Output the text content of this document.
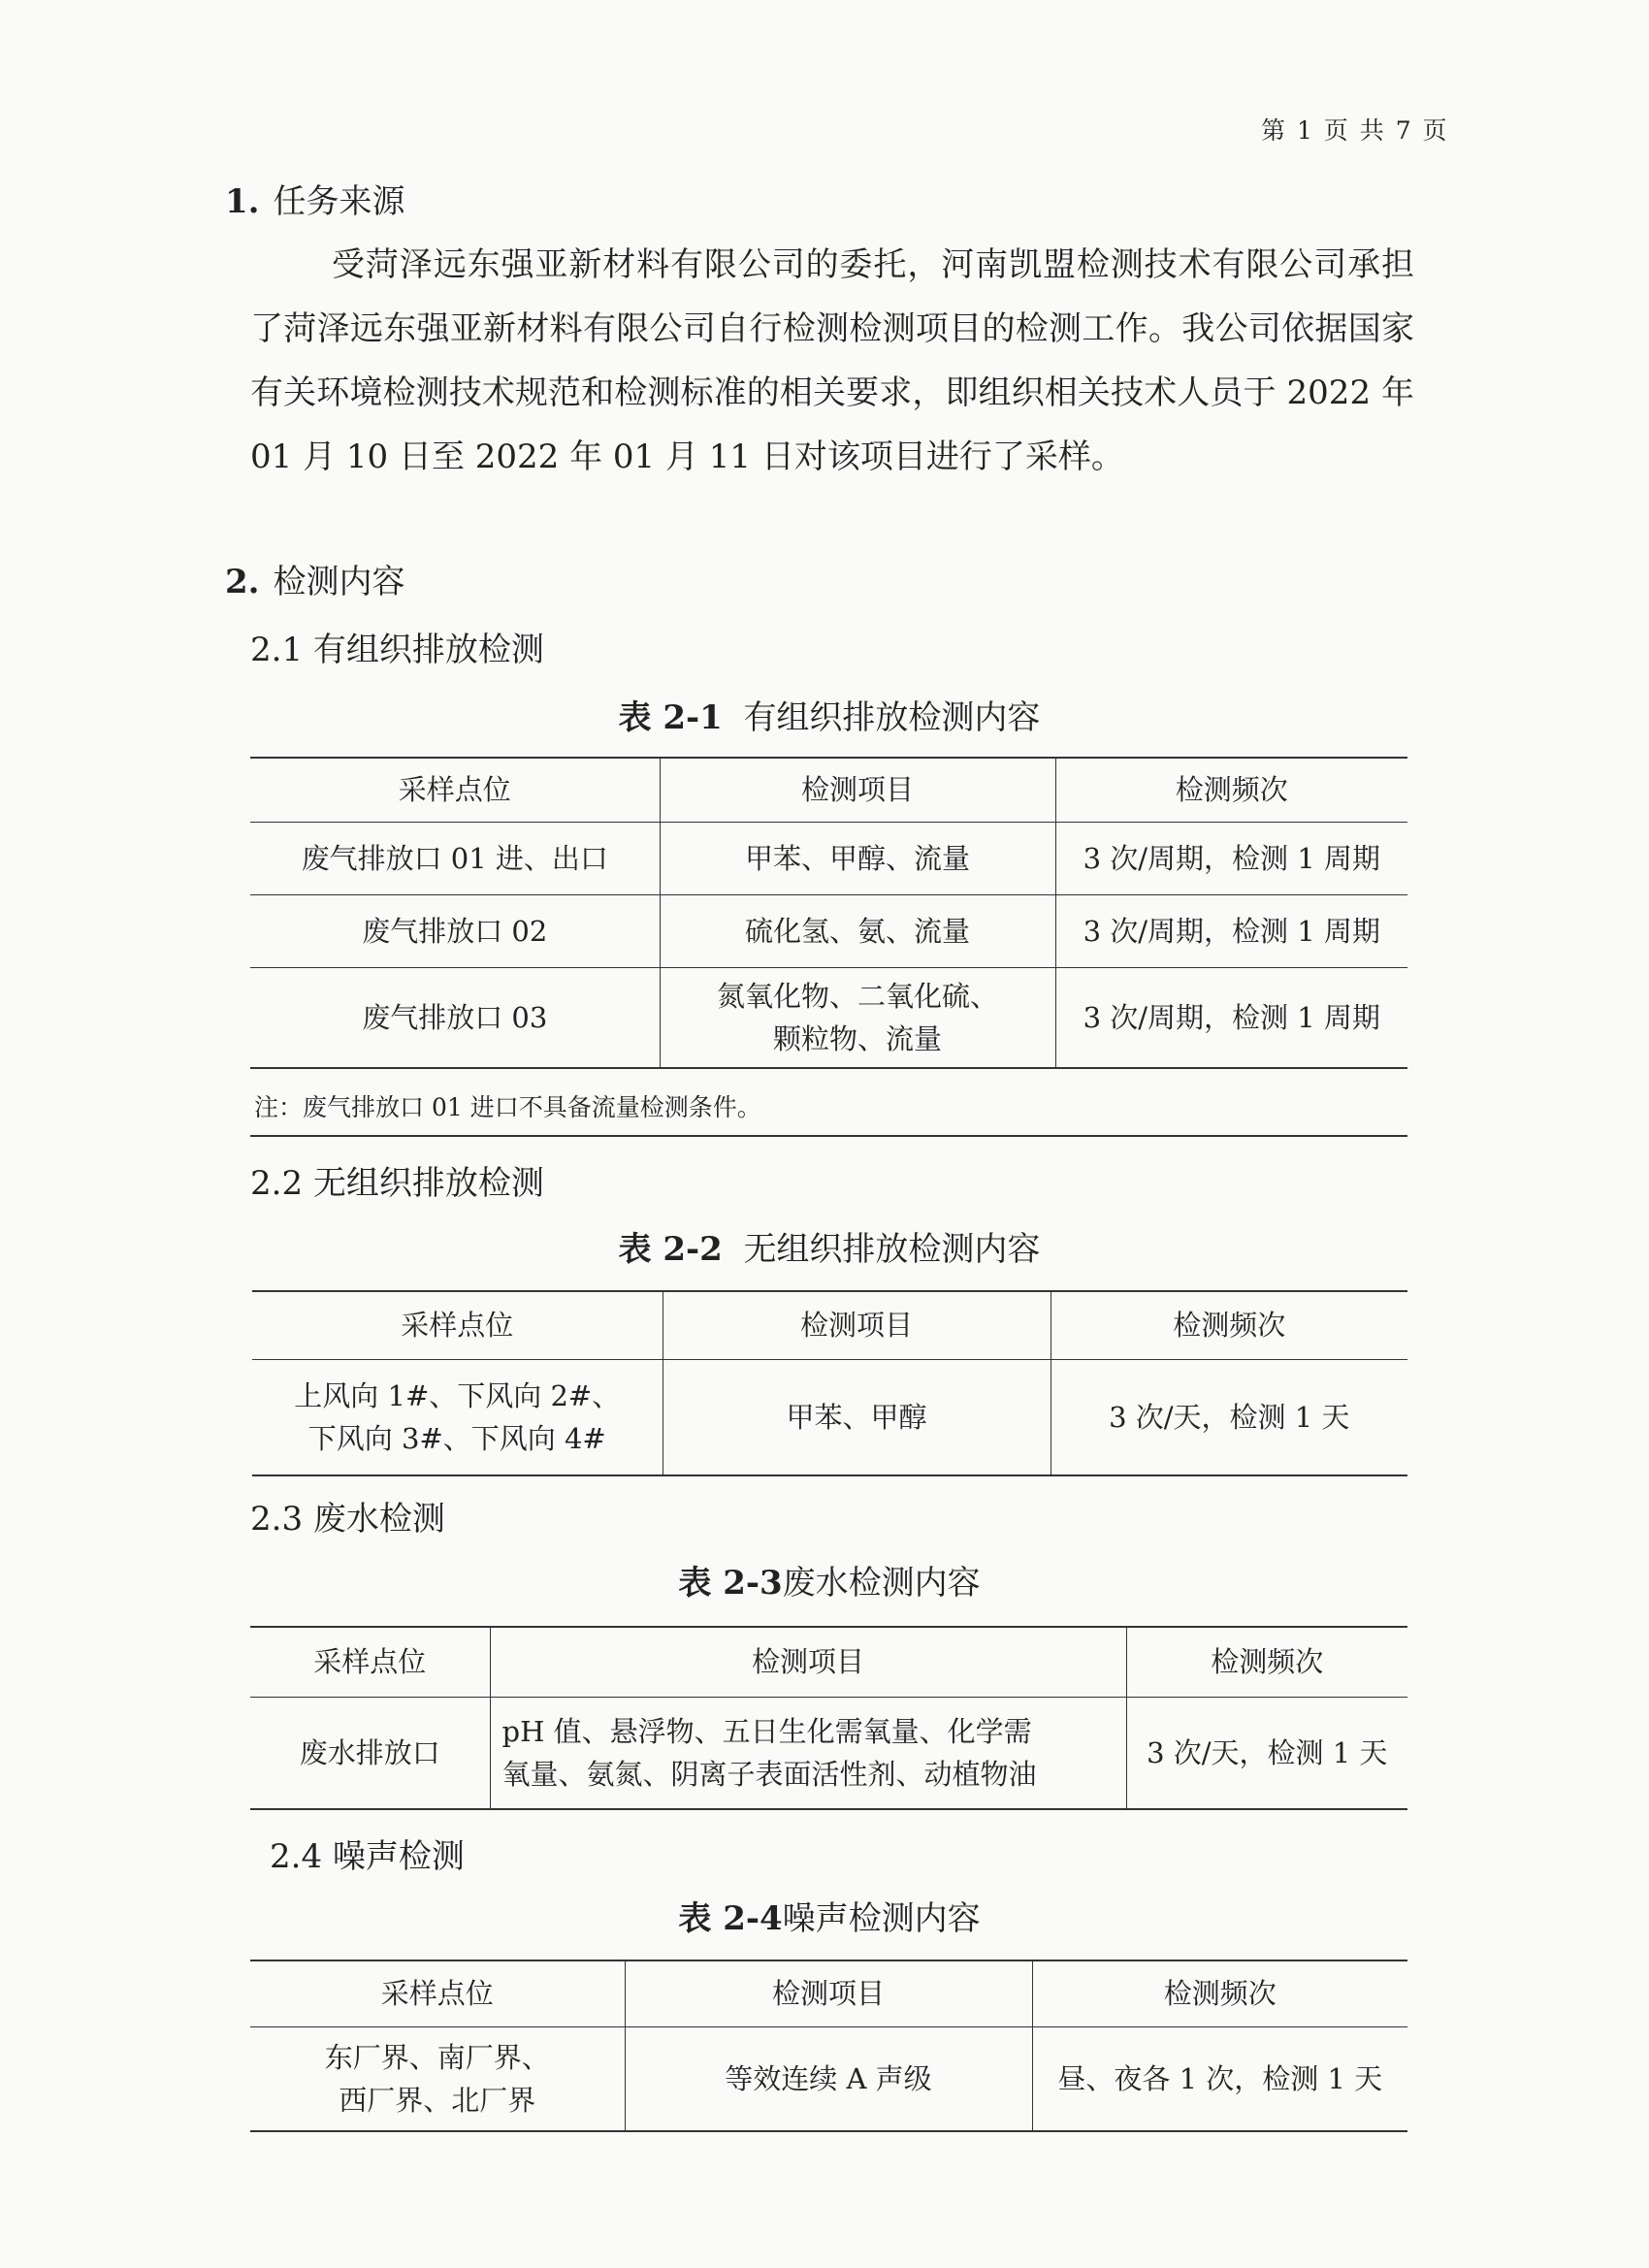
第 1 页 共 7 页
1. 任务来源
受菏泽远东强亚新材料有限公司的委托，河南凯盟检测技术有限公司承担了菏泽远东强亚新材料有限公司自行检测检测项目的检测工作。我公司依据国家有关环境检测技术规范和检测标准的相关要求，即组织相关技术人员于 2022 年 01 月 10 日至 2022 年 01 月 11 日对该项目进行了采样。
2. 检测内容
2.1 有组织排放检测
表 2-1 有组织排放检测内容
采样点位	检测项目	检测频次
废气排放口 01 进、出口	甲苯、甲醇、流量	3 次/周期，检测 1 周期
废气排放口 02	硫化氢、氨、流量	3 次/周期，检测 1 周期
废气排放口 03	氮氧化物、二氧化硫、
颗粒物、流量	3 次/周期，检测 1 周期
注：废气排放口 01 进口不具备流量检测条件。
2.2 无组织排放检测
表 2-2 无组织排放检测内容
采样点位	检测项目	检测频次

上风向 1#、下风向 2#、
下风向 3#、下风向 4#	甲苯、甲醇	3 次/天，检测 1 天
2.3 废水检测
表 2-3废水检测内容
采样点位	检测项目	检测频次
废水排放口	pH 值、悬浮物、五日生化需氧量、化学需
氧量、氨氮、阴离子表面活性剂、动植物油	3 次/天，检测 1 天
2.4 噪声检测
表 2-4噪声检测内容
采样点位	检测项目	检测频次

东厂界、南厂界、
西厂界、北厂界	等效连续 A 声级	昼、夜各 1 次，检测 1 天
